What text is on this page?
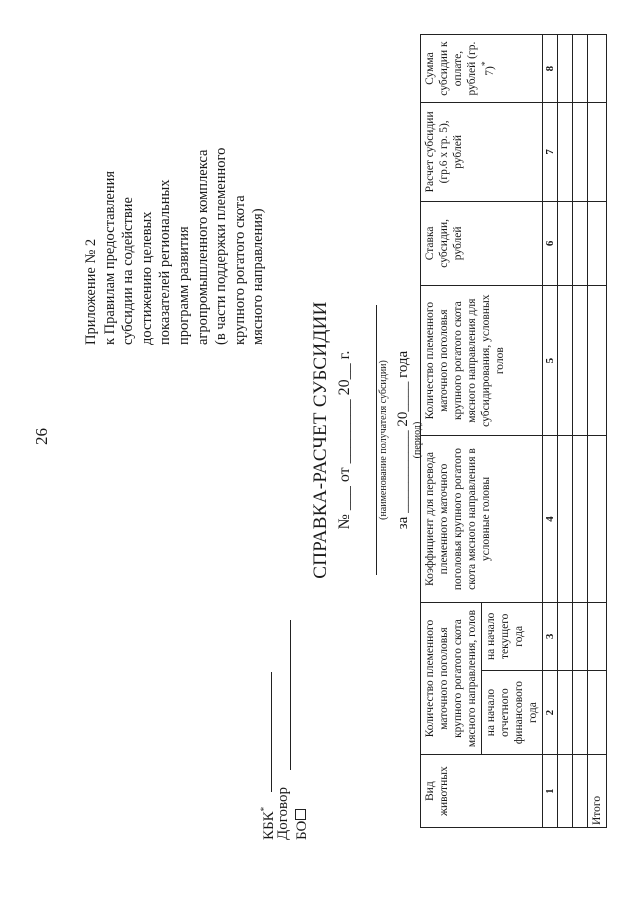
26
Приложение № 2 к Правилам предоставления субсидии на содействие достижению целевых показателей региональных программ развития агропромышленного комплекса (в части поддержки племенного крупного рогатого скота мясного направления)
КБК* Договор БО
СПРАВКА-РАСЧЕТ СУБСИДИИ № ___ от ________ 20__ г.	(наименование получателя субсидии) за ___________ 20____ года (период)
Вид животных	Количество племенного маточного поголовья крупного рогатого скота мясного направления, голов		Коэффициент для перевода племенного маточного поголовья крупного рогатого скота мясного направления в условные головы	Количество племенного маточного поголовья крупного рогатого скота мясного направления для субсидирования, условных голов	Ставка субсидии, рублей	Расчет субсидии (гр.6 х гр. 5), рублей	Сумма субсидии к оплате, рублей (гр. 7)*
	на начало отчетного финансового года	на начало текущего года					
1	2	3	4	5	6	7	8

Итого							
